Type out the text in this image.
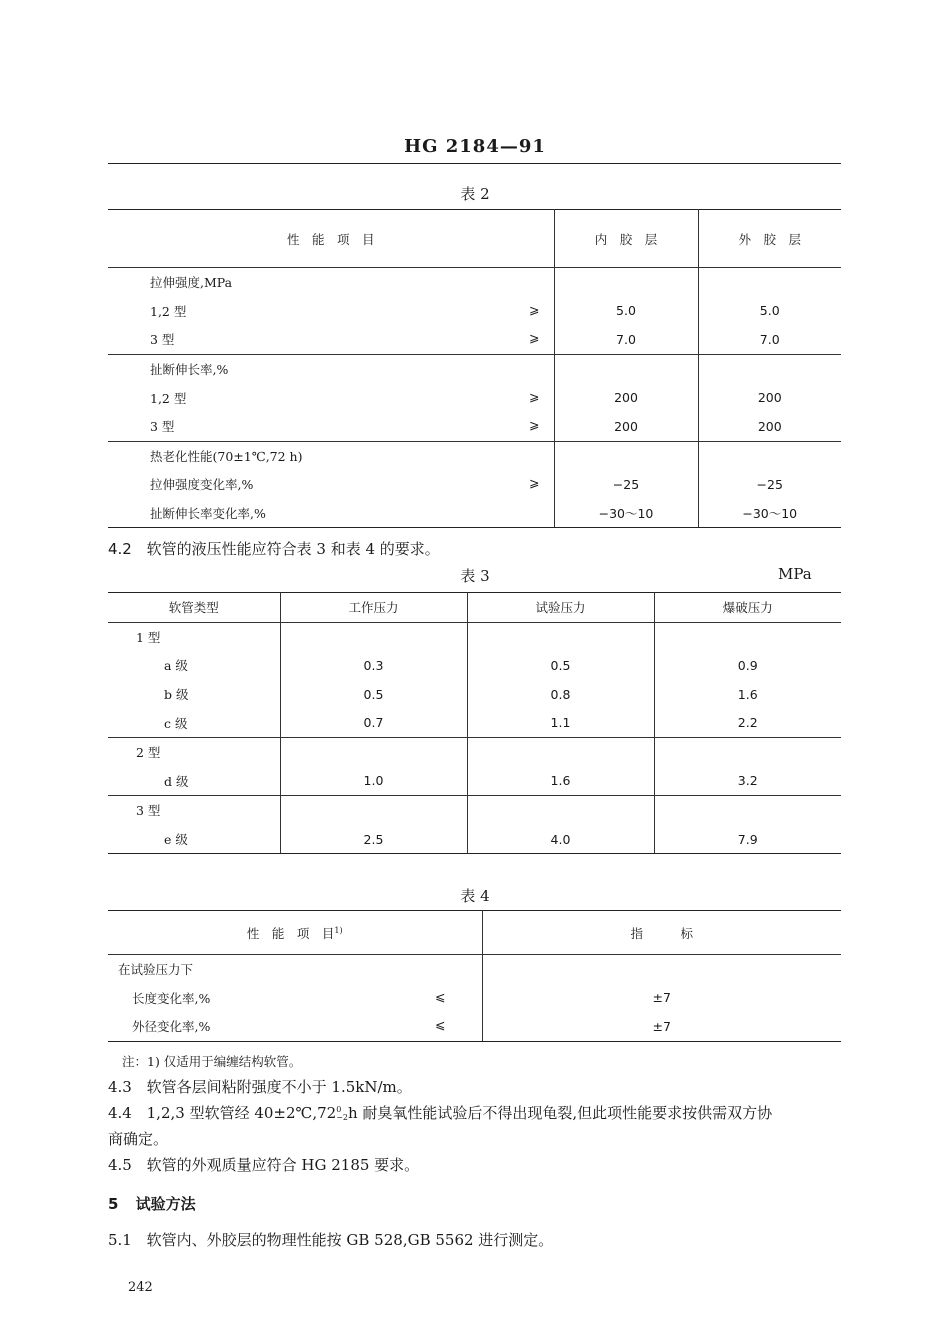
HG 2184—91
表 2
性　能　项　目	内　胶　层	外　胶　层
拉伸强度,MPa		
1,2 型 ⩾	5.0	5.0
3 型 ⩾	7.0	7.0
扯断伸长率,%		
1,2 型 ⩾	200	200
3 型 ⩾	200	200
热老化性能(70±1℃,72 h)		
拉伸强度变化率,% ⩾	−25	−25
扯断伸长率变化率,%	−30～10	−30～10
4.2 软管的液压性能应符合表 3 和表 4 的要求。
表 3	MPa
软管类型	工作压力	试验压力	爆破压力
1 型			
a 级	0.3	0.5	0.9
b 级	0.5	0.8	1.6
c 级	0.7	1.1	2.2
2 型			
d 级	1.0	1.6	3.2
3 型			
e 级	2.5	4.0	7.9
表 4
性　能　项　目$^{1)}$	指　　　标
在试验压力下	
长度变化率,% ⩽	±7
外径变化率,% ⩽	±7
注：1) 仅适用于编缠结构软管。
4.3 软管各层间粘附强度不小于 1.5kN/m。
4.4 1,2,3 型软管经 40±2℃,72 0
−2 h 耐臭氧性能试验后不得出现龟裂,但此项性能要求按供需双方协
商确定。
4.5 软管的外观质量应符合 HG 2185 要求。
5 试验方法
5.1 软管内、外胶层的物理性能按 GB 528,GB 5562 进行测定。
242
